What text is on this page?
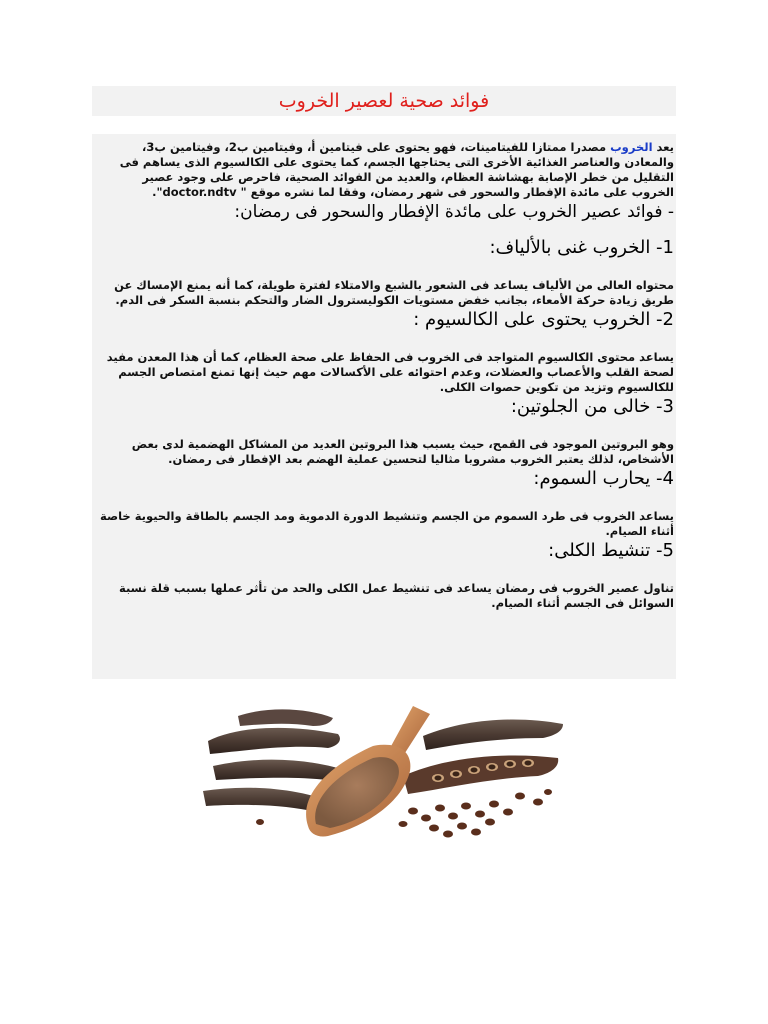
فوائد صحية لعصير الخروب

يعد الخروب مصدرا ممتازا للفيتامينات، فهو يحتوى على فيتامين أ، وفيتامين ب2، وفيتامين ب3، والمعادن والعناصر الغذائية الأخرى التى يحتاجها الجسم، كما يحتوى على الكالسيوم الذى يساهم فى التقليل من خطر الإصابة بهشاشة العظام، والعديد من الفوائد الصحية، فاحرص على وجود عصير الخروب على مائدة الإفطار والسحور فى شهر رمضان، وفقا لما نشره موقع " doctor.ndtv".

- فوائد عصير الخروب على مائدة الإفطار والسحور فى رمضان:
1- الخروب غنى بالألياف:

محتواه العالى من الألياف يساعد فى الشعور بالشبع والامتلاء لفترة طويلة، كما أنه يمنع الإمساك عن طريق زيادة حركة الأمعاء، بجانب خفض مستويات الكوليسترول الضار والتحكم بنسبة السكر فى الدم.

2- الخروب يحتوى على الكالسيوم :

يساعد محتوى الكالسيوم المتواجد فى الخروب فى الحفاظ على صحة العظام، كما أن هذا المعدن مفيد لصحة القلب والأعصاب والعضلات، وعدم احتوائه على الأكسالات مهم حيث إنها تمنع امتصاص الجسم للكالسيوم وتزيد من تكوين حصوات الكلى.

3- خالى من الجلوتين:

وهو البروتين الموجود فى القمح، حيث يسبب هذا البروتين العديد من المشاكل الهضمية لدى بعض الأشخاص، لذلك يعتبر الخروب مشروبا مثاليا لتحسين عملية الهضم بعد الإفطار فى رمضان.

4- يحارب السموم:

يساعد الخروب فى طرد السموم من الجسم وتنشيط الدورة الدموية ومد الجسم بالطاقة والحيوية خاصة أثناء الصيام.

5- تنشيط الكلى:

تناول عصير الخروب فى رمضان يساعد فى تنشيط عمل الكلى والحد من تأثر عملها بسبب قلة نسبة السوائل فى الجسم أثناء الصيام.
